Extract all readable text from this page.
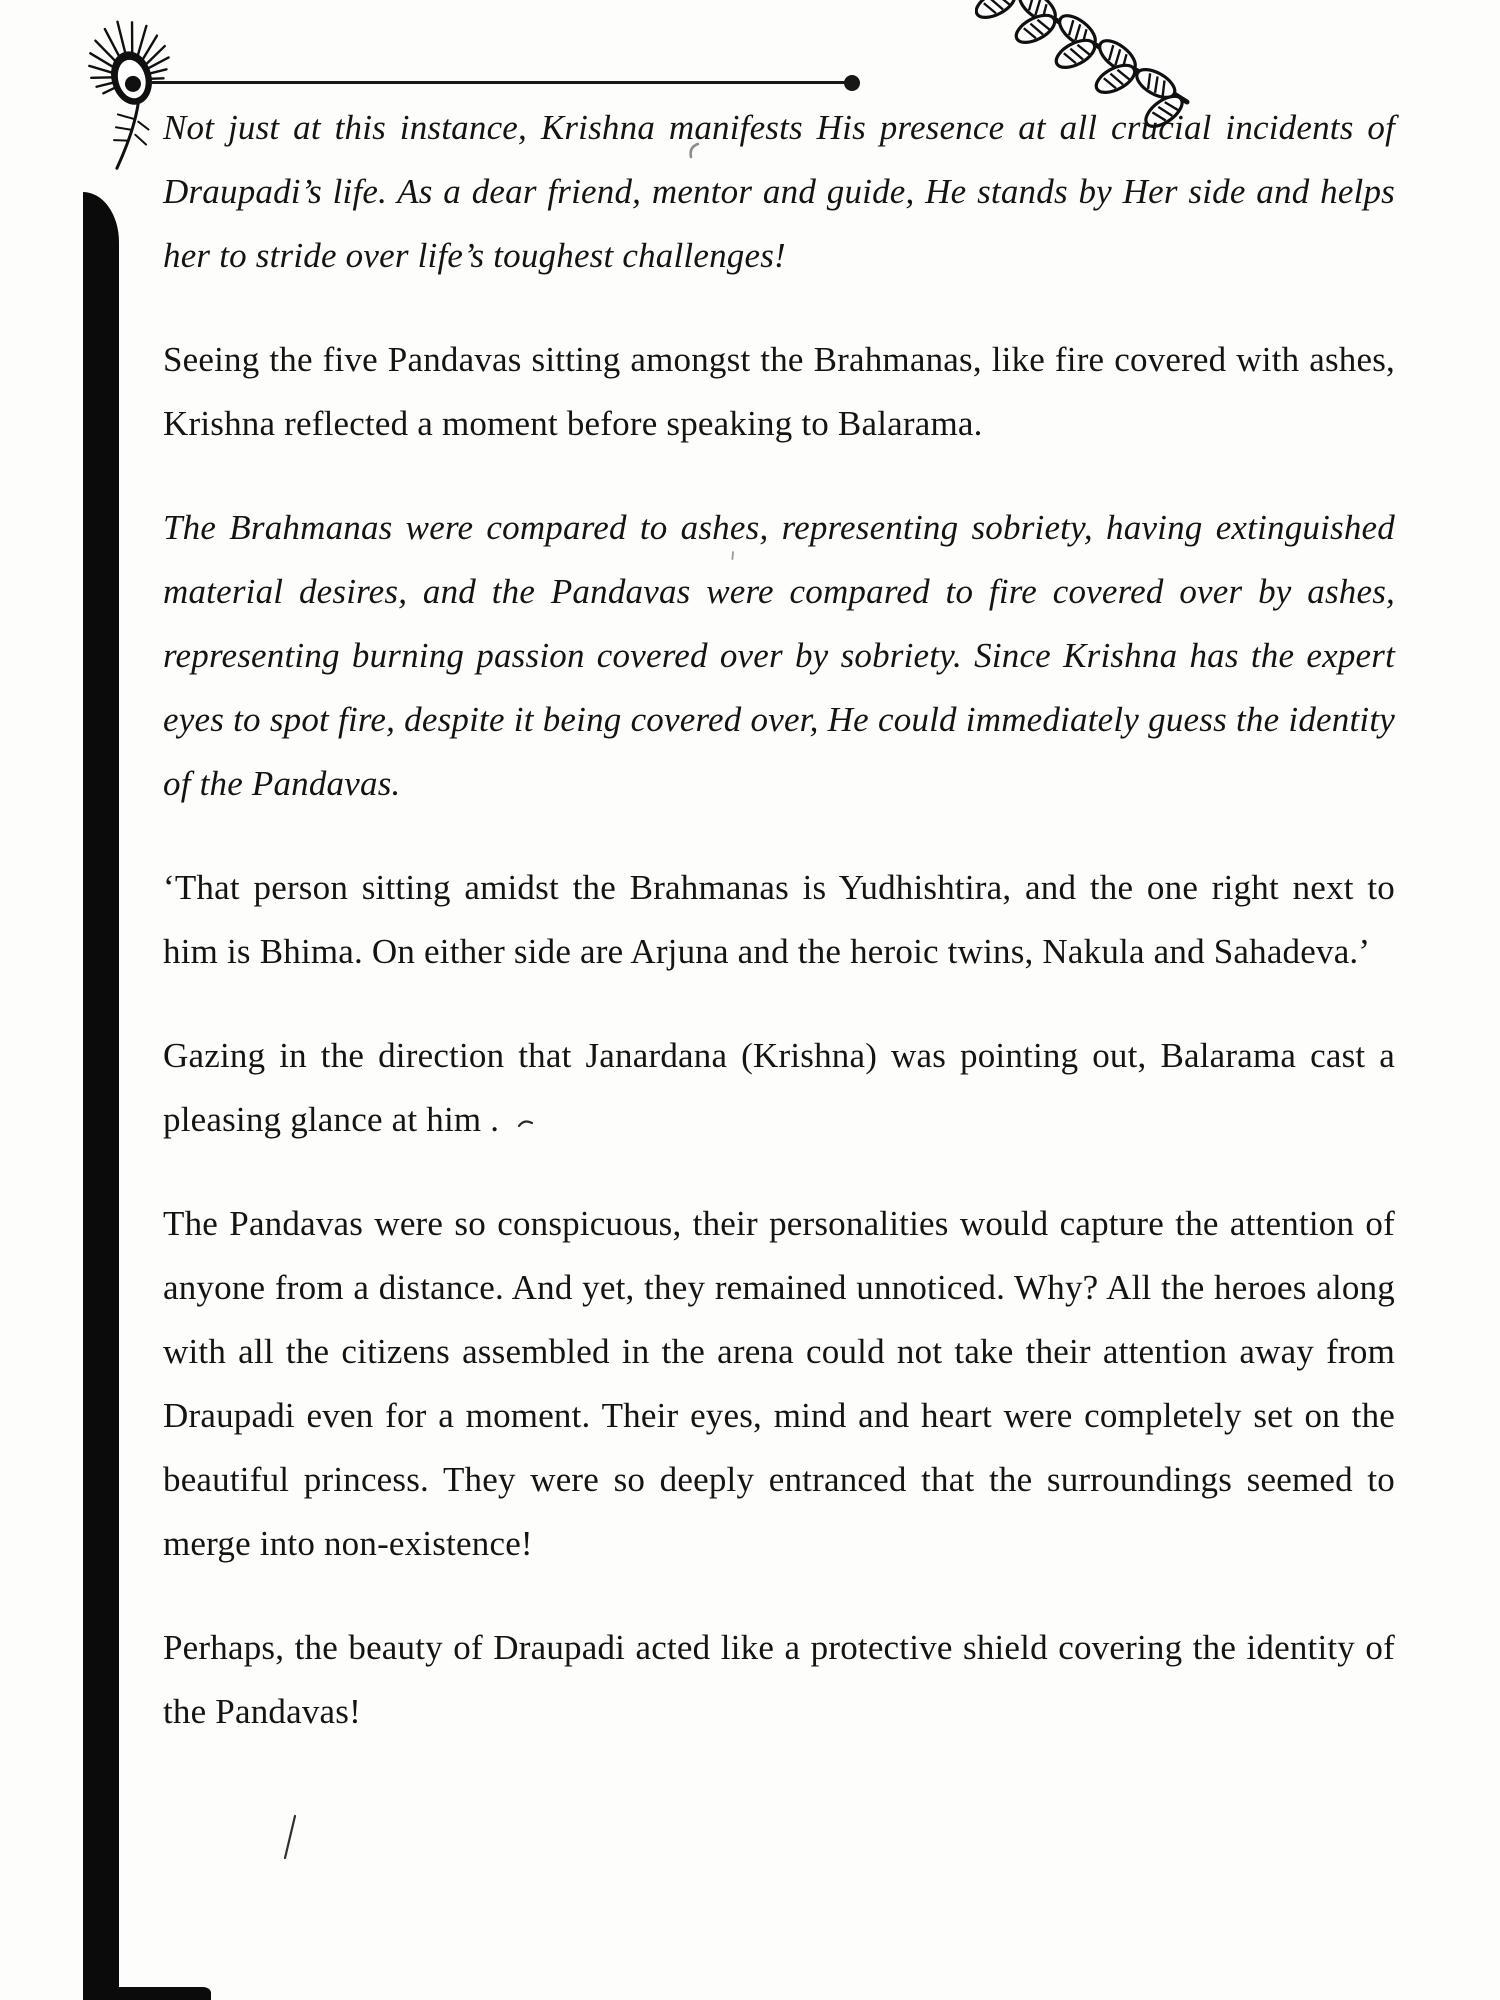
Not just at this instance, Krishna manifests His presence at all crucial incidents of Draupadi’s life. As a dear friend, mentor and guide, He stands by Her side and helps her to stride over life’s toughest challenges!

Seeing the five Pandavas sitting amongst the Brahmanas, like fire covered with ashes, Krishna reflected a moment before speaking to Balarama.

The Brahmanas were compared to ashes, representing sobriety, having extinguished material desires, and the Pandavas were compared to fire covered over by ashes, representing burning passion covered over by sobriety. Since Krishna has the expert eyes to spot fire, despite it being covered over, He could immediately guess the identity of the Pandavas.

‘That person sitting amidst the Brahmanas is Yudhishtira, and the one right next to him is Bhima. On either side are Arjuna and the heroic twins, Nakula and Sahadeva.’

Gazing in the direction that Janardana (Krishna) was pointing out, Balarama cast a pleasing glance at him .

The Pandavas were so conspicuous, their personalities would capture the attention of anyone from a distance. And yet, they remained unnoticed. Why? All the heroes along with all the citizens assembled in the arena could not take their attention away from Draupadi even for a moment. Their eyes, mind and heart were completely set on the beautiful princess. They were so deeply entranced that the surroundings seemed to merge into non-existence!

Perhaps, the beauty of Draupadi acted like a protective shield covering the identity of the Pandavas!
